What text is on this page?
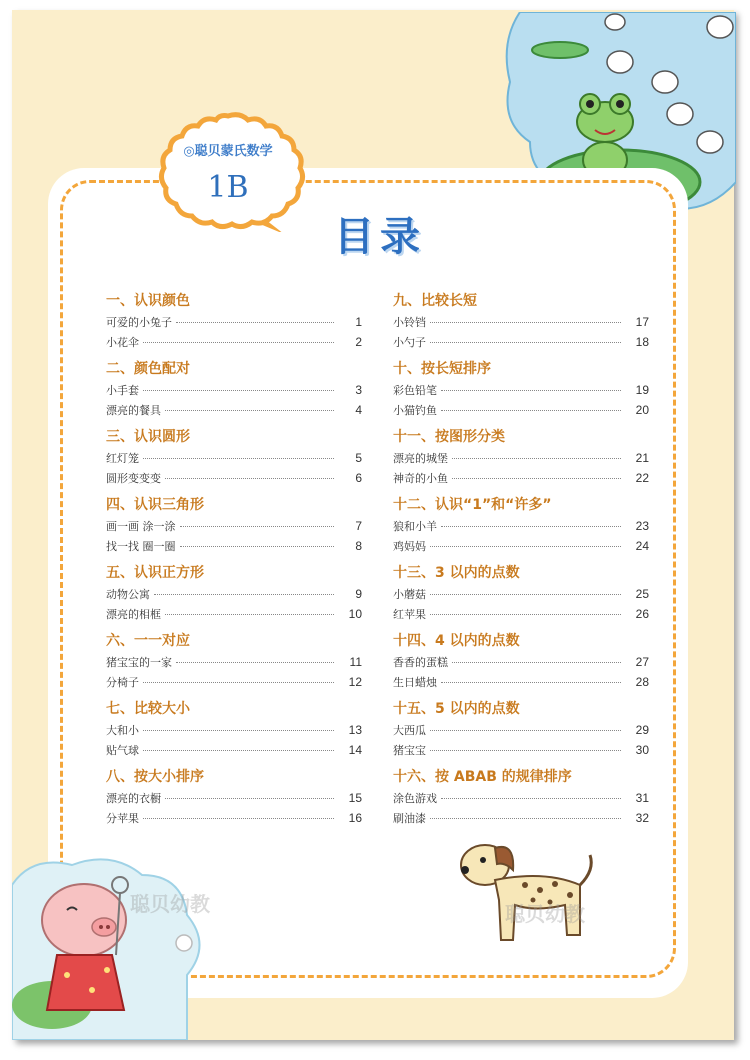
◎聪贝蒙氏数学
1B
目录
一、认识颜色
可爱的小兔子	1
小花伞	2
二、颜色配对
小手套	3
漂亮的餐具	4
三、认识圆形
红灯笼	5
圆形变变变	6
四、认识三角形
画一画 涂一涂	7
找一找 圈一圈	8
五、认识正方形
动物公寓	9
漂亮的相框	10
六、一一对应
猪宝宝的一家	11
分椅子	12
七、比较大小
大和小	13
贴气球	14
八、按大小排序
漂亮的衣橱	15
分苹果	16
九、比较长短
小铃铛	17
小勺子	18
十、按长短排序
彩色铅笔	19
小猫钓鱼	20
十一、按图形分类
漂亮的城堡	21
神奇的小鱼	22
十二、认识“1”和“许多”
狼和小羊	23
鸡妈妈	24
十三、3 以内的点数
小蘑菇	25
红苹果	26
十四、4 以内的点数
香香的蛋糕	27
生日蜡烛	28
十五、5 以内的点数
大西瓜	29
猪宝宝	30
十六、按 ABAB 的规律排序
涂色游戏	31
刷油漆	32
聪贝幼教	聪贝幼教
